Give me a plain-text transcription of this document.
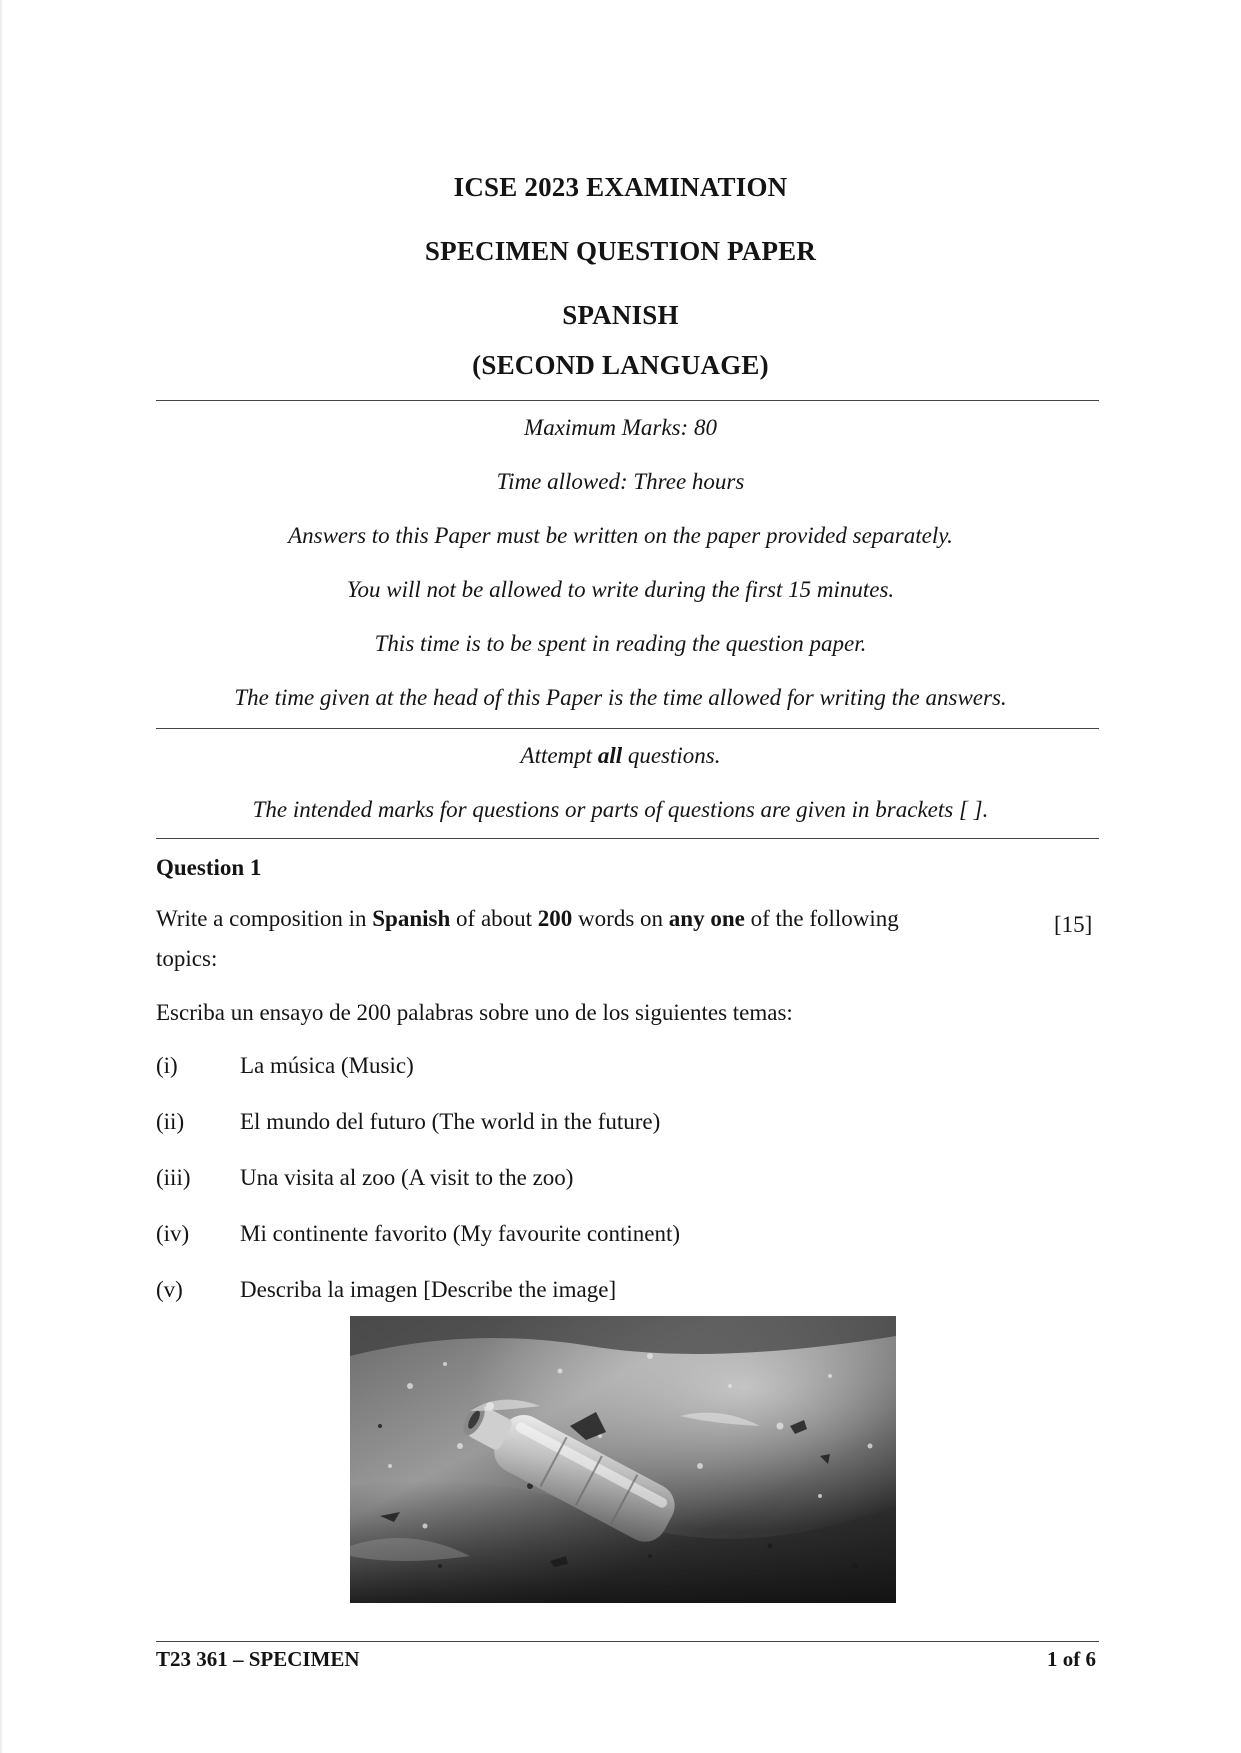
ICSE 2023 EXAMINATION
SPECIMEN QUESTION PAPER
SPANISH
(SECOND LANGUAGE)
Maximum Marks: 80
Time allowed: Three hours
Answers to this Paper must be written on the paper provided separately.
You will not be allowed to write during the first 15 minutes.
This time is to be spent in reading the question paper.
The time given at the head of this Paper is the time allowed for writing the answers.
Attempt all questions.
The intended marks for questions or parts of questions are given in brackets [ ].
Question 1
Write a composition in Spanish of about 200 words on any one of the following
topics:
[15]
Escriba un ensayo de 200 palabras sobre uno de los siguientes temas:
(i)	La música (Music)
(ii) El mundo del futuro (The world in the future)
(iii) Una visita al zoo (A visit to the zoo)
(iv) Mi continente favorito (My favourite continent)
(v) Describa la imagen [Describe the image]
T23 361 – SPECIMEN	1 of 6
